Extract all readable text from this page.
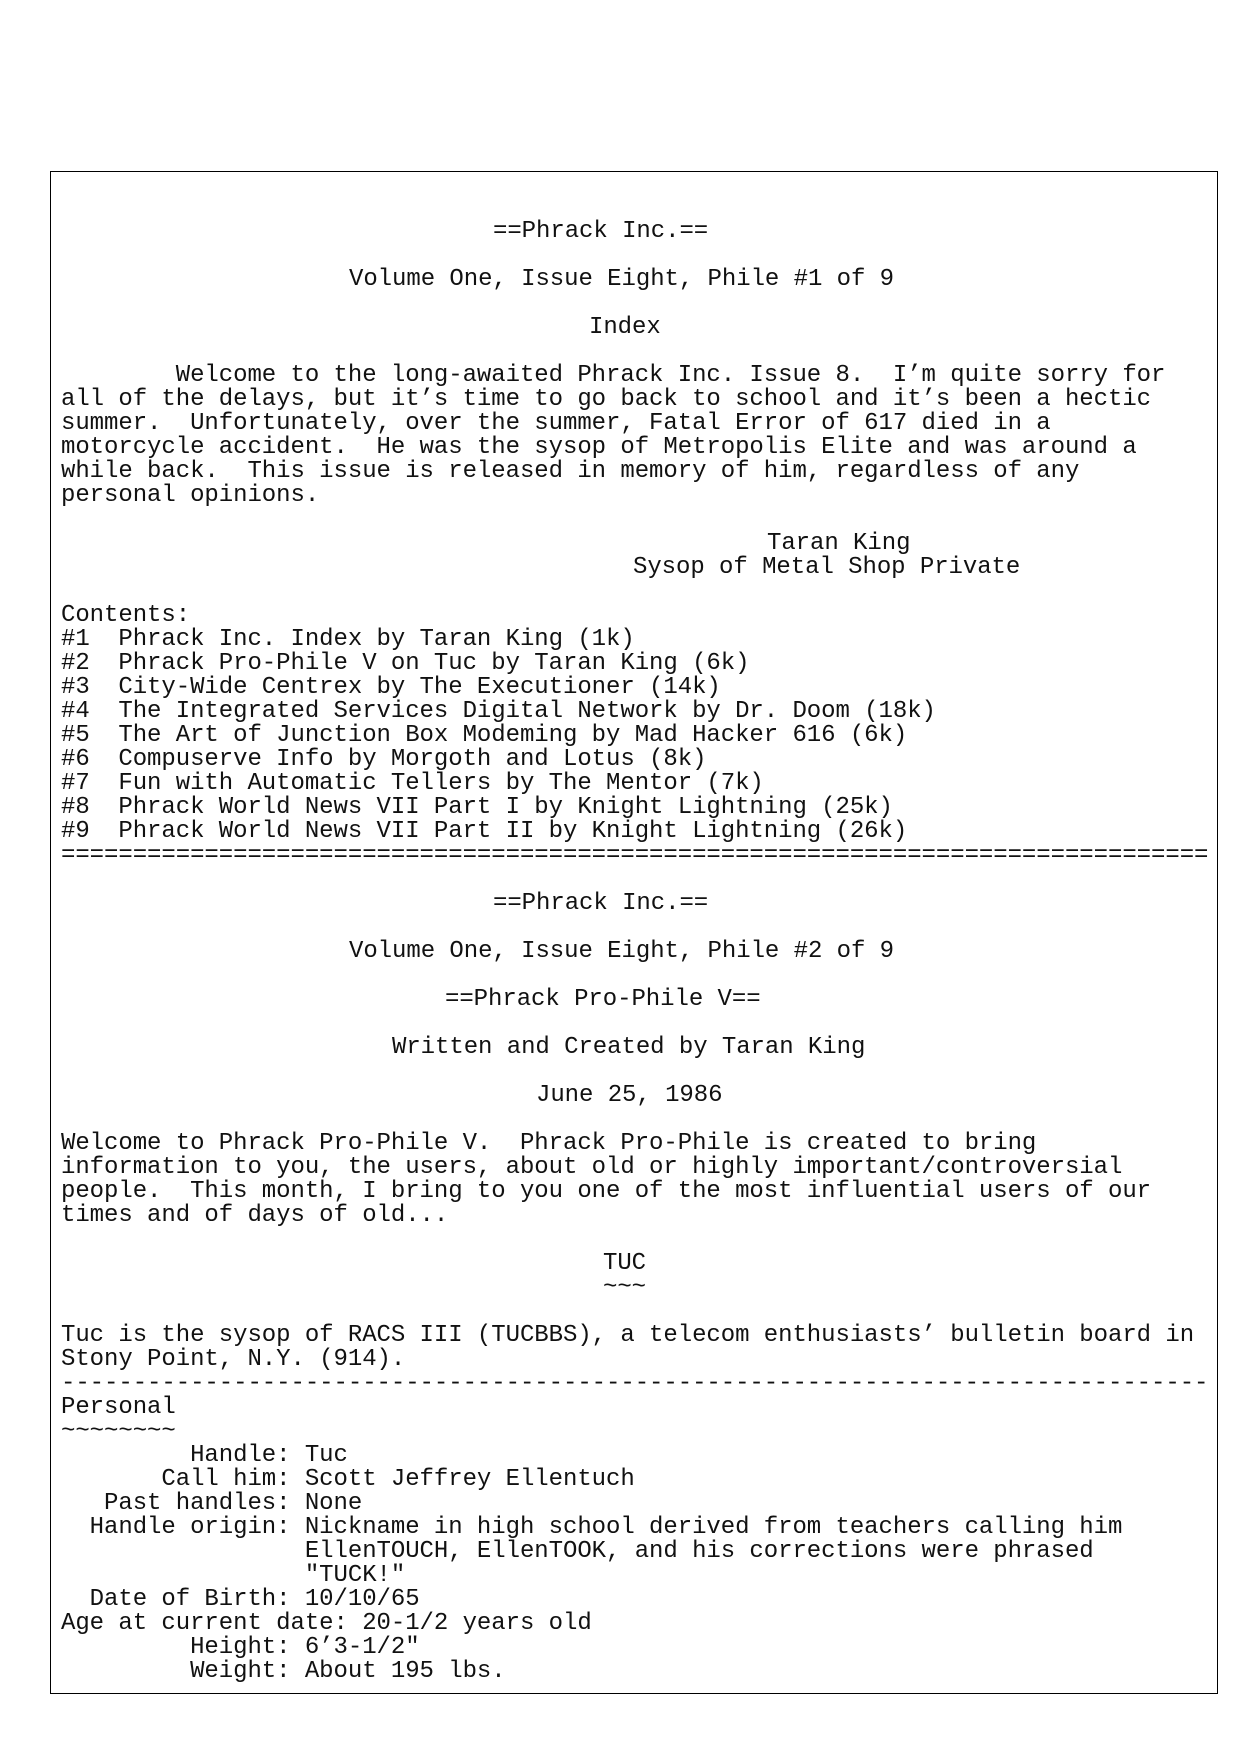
==Phrack Inc.==
Volume One, Issue Eight, Phile #1 of 9
Index
Welcome to the long-awaited Phrack Inc. Issue 8.  I’m quite sorry for
all of the delays, but it’s time to go back to school and it’s been a hectic
summer.  Unfortunately, over the summer, Fatal Error of 617 died in a
motorcycle accident.  He was the sysop of Metropolis Elite and was around a
while back.  This issue is released in memory of him, regardless of any
personal opinions.
Taran King
Sysop of Metal Shop Private
Contents:
#1  Phrack Inc. Index by Taran King (1k)
#2  Phrack Pro-Phile V on Tuc by Taran King (6k)
#3  City-Wide Centrex by The Executioner (14k)
#4  The Integrated Services Digital Network by Dr. Doom (18k)
#5  The Art of Junction Box Modeming by Mad Hacker 616 (6k)
#6  Compuserve Info by Morgoth and Lotus (8k)
#7  Fun with Automatic Tellers by The Mentor (7k)
#8  Phrack World News VII Part I by Knight Lightning (25k)
#9  Phrack World News VII Part II by Knight Lightning (26k)
================================================================================
==Phrack Inc.==
Volume One, Issue Eight, Phile #2 of 9
==Phrack Pro-Phile V==
Written and Created by Taran King
June 25, 1986
Welcome to Phrack Pro-Phile V.  Phrack Pro-Phile is created to bring
information to you, the users, about old or highly important/controversial
people.  This month, I bring to you one of the most influential users of our
times and of days of old...
TUC
~~~
Tuc is the sysop of RACS III (TUCBBS), a telecom enthusiasts’ bulletin board in
Stony Point, N.Y. (914).
--------------------------------------------------------------------------------
Personal
~~~~~~~~
Handle: Tuc
Call him: Scott Jeffrey Ellentuch
Past handles: None
Handle origin: Nickname in high school derived from teachers calling him
EllenTOUCH, EllenTOOK, and his corrections were phrased
"TUCK!"
Date of Birth: 10/10/65
Age at current date: 20-1/2 years old
Height: 6’3-1/2"
Weight: About 195 lbs.
